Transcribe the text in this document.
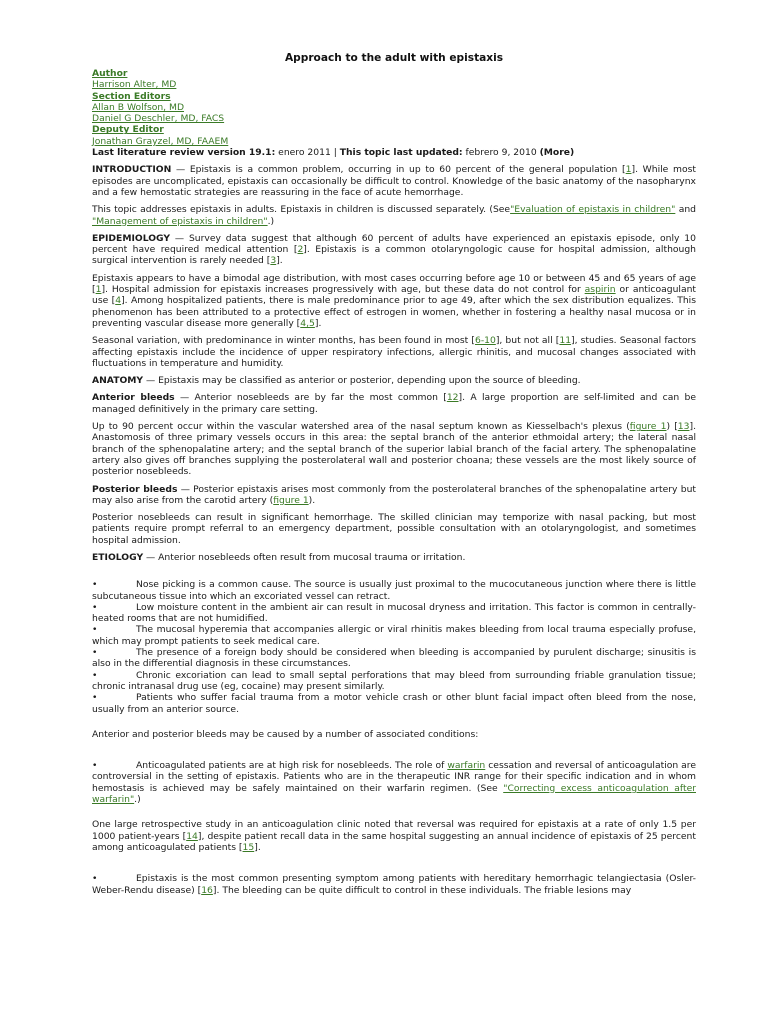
Approach to the adult with epistaxis
Author
Harrison Alter, MD
Section Editors
Allan B Wolfson, MD
Daniel G Deschler, MD, FACS
Deputy Editor
Jonathan Grayzel, MD, FAAEM
Last literature review version 19.1: enero 2011 | This topic last updated: febrero 9, 2010 (More)

INTRODUCTION — Epistaxis is a common problem, occurring in up to 60 percent of the general population [1]. While most episodes are uncomplicated, epistaxis can occasionally be difficult to control. Knowledge of the basic anatomy of the nasopharynx and a few hemostatic strategies are reassuring in the face of acute hemorrhage.

This topic addresses epistaxis in adults. Epistaxis in children is discussed separately. (See"Evaluation of epistaxis in children" and "Management of epistaxis in children".)

EPIDEMIOLOGY — Survey data suggest that although 60 percent of adults have experienced an epistaxis episode, only 10 percent have required medical attention [2]. Epistaxis is a common otolaryngologic cause for hospital admission, although surgical intervention is rarely needed [3].

Epistaxis appears to have a bimodal age distribution, with most cases occurring before age 10 or between 45 and 65 years of age [1]. Hospital admission for epistaxis increases progressively with age, but these data do not control for aspirin or anticoagulant use [4]. Among hospitalized patients, there is male predominance prior to age 49, after which the sex distribution equalizes. This phenomenon has been attributed to a protective effect of estrogen in women, whether in fostering a healthy nasal mucosa or in preventing vascular disease more generally [4,5].

Seasonal variation, with predominance in winter months, has been found in most [6-10], but not all [11], studies. Seasonal factors affecting epistaxis include the incidence of upper respiratory infections, allergic rhinitis, and mucosal changes associated with fluctuations in temperature and humidity.

ANATOMY — Epistaxis may be classified as anterior or posterior, depending upon the source of bleeding.

Anterior bleeds — Anterior nosebleeds are by far the most common [12]. A large proportion are self-limited and can be managed definitively in the primary care setting.

Up to 90 percent occur within the vascular watershed area of the nasal septum known as Kiesselbach's plexus (figure 1) [13]. Anastomosis of three primary vessels occurs in this area: the septal branch of the anterior ethmoidal artery; the lateral nasal branch of the sphenopalatine artery; and the septal branch of the superior labial branch of the facial artery. The sphenopalatine artery also gives off branches supplying the posterolateral wall and posterior choana; these vessels are the most likely source of posterior nosebleeds.

Posterior bleeds — Posterior epistaxis arises most commonly from the posterolateral branches of the sphenopalatine artery but may also arise from the carotid artery (figure 1).

Posterior nosebleeds can result in significant hemorrhage. The skilled clinician may temporize with nasal packing, but most patients require prompt referral to an emergency department, possible consultation with an otolaryngologist, and sometimes hospital admission.

ETIOLOGY — Anterior nosebleeds often result from mucosal trauma or irritation.

•	Nose picking is a common cause. The source is usually just proximal to the mucocutaneous junction where there is little subcutaneous tissue into which an excoriated vessel can retract.

•	Low moisture content in the ambient air can result in mucosal dryness and irritation. This factor is common in centrally-heated rooms that are not humidified.

•	The mucosal hyperemia that accompanies allergic or viral rhinitis makes bleeding from local trauma especially profuse, which may prompt patients to seek medical care.

•	The presence of a foreign body should be considered when bleeding is accompanied by purulent discharge; sinusitis is also in the differential diagnosis in these circumstances.

•	Chronic excoriation can lead to small septal perforations that may bleed from surrounding friable granulation tissue; chronic intranasal drug use (eg, cocaine) may present similarly.

•	Patients who suffer facial trauma from a motor vehicle crash or other blunt facial impact often bleed from the nose, usually from an anterior source.

Anterior and posterior bleeds may be caused by a number of associated conditions:

•	Anticoagulated patients are at high risk for nosebleeds. The role of warfarin cessation and reversal of anticoagulation are controversial in the setting of epistaxis. Patients who are in the therapeutic INR range for their specific indication and in whom hemostasis is achieved may be safely maintained on their warfarin regimen. (See "Correcting excess anticoagulation after warfarin".)

One large retrospective study in an anticoagulation clinic noted that reversal was required for epistaxis at a rate of only 1.5 per 1000 patient-years [14], despite patient recall data in the same hospital suggesting an annual incidence of epistaxis of 25 percent among anticoagulated patients [15].

•	Epistaxis is the most common presenting symptom among patients with hereditary hemorrhagic telangiectasia (Osler-Weber-Rendu disease) [16]. The bleeding can be quite difficult to control in these individuals. The friable lesions may
